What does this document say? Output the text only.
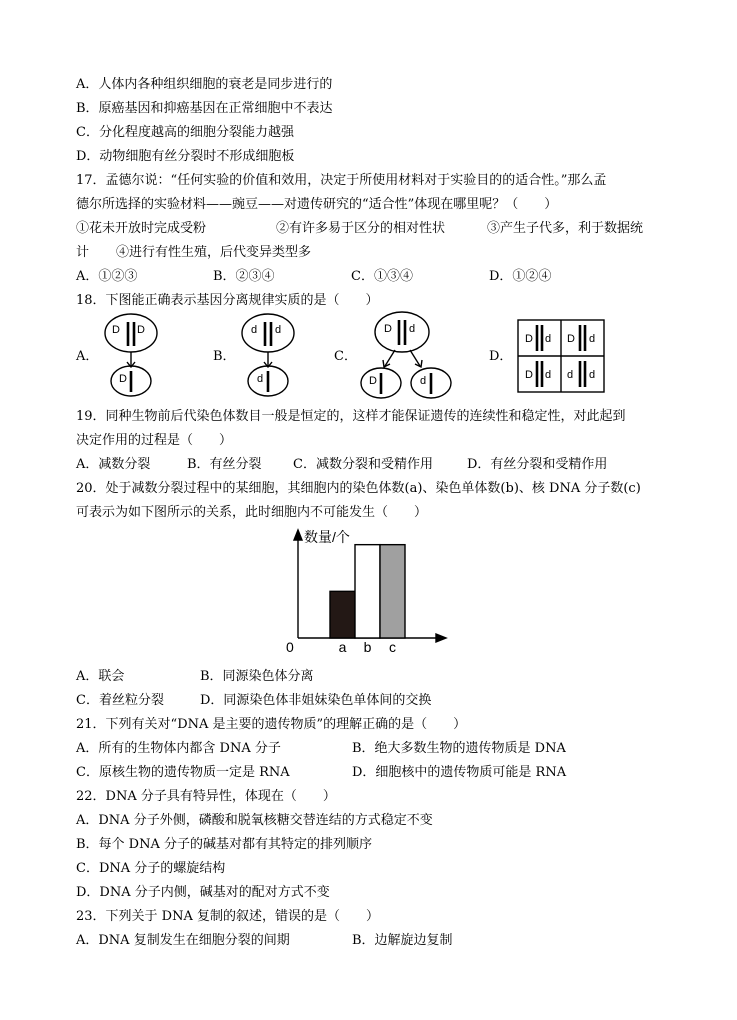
A．人体内各种组织细胞的衰老是同步进行的
B．原癌基因和抑癌基因在正常细胞中不表达
C．分化程度越高的细胞分裂能力越强
D．动物细胞有丝分裂时不形成细胞板
17．孟德尔说：“任何实验的价值和效用，决定于所使用材料对于实验目的的适合性。”那么孟
德尔所选择的实验材料——豌豆——对遗传研究的“适合性”体现在哪里呢？（　　）
①花未开放时完成受粉	②有许多易于区分的相对性状	③产生子代多，利于数据统
计 ④进行有性生殖，后代变异类型多
A．①②③	B．②③④	C．①③④	D．①②④
18．下图能正确表示基因分离规律实质的是（　　）
A．	B．	C．	D．
D D
D
d d
d
D d
D	d
D d D d
D d d d
19．同种生物前后代染色体数目一般是恒定的，这样才能保证遗传的连续性和稳定性，对此起到
决定作用的过程是（　　）
A．减数分裂	B．有丝分裂 C．减数分裂和受精作用	D．有丝分裂和受精作用
20．处于减数分裂过程中的某细胞，其细胞内的染色体数(a)、染色单体数(b)、核 DNA 分子数(c)
可表示为如下图所示的关系，此时细胞内不可能发生（　　）
数量/个
0	a b c
A．联会	B．同源染色体分离
C．着丝粒分裂	D．同源染色体非姐妹染色单体间的交换
21．下列有关对“DNA 是主要的遗传物质”的理解正确的是（　　）
A．所有的生物体内都含 DNA 分子	B．绝大多数生物的遗传物质是 DNA
C．原核生物的遗传物质一定是 RNA	D．细胞核中的遗传物质可能是 RNA
22．DNA 分子具有特异性，体现在（　　）
A．DNA 分子外侧，磷酸和脱氧核糖交替连结的方式稳定不变
B．每个 DNA 分子的碱基对都有其特定的排列顺序
C．DNA 分子的螺旋结构
D．DNA 分子内侧，碱基对的配对方式不变
23．下列关于 DNA 复制的叙述，错误的是（　　）
A．DNA 复制发生在细胞分裂的间期	B．边解旋边复制
